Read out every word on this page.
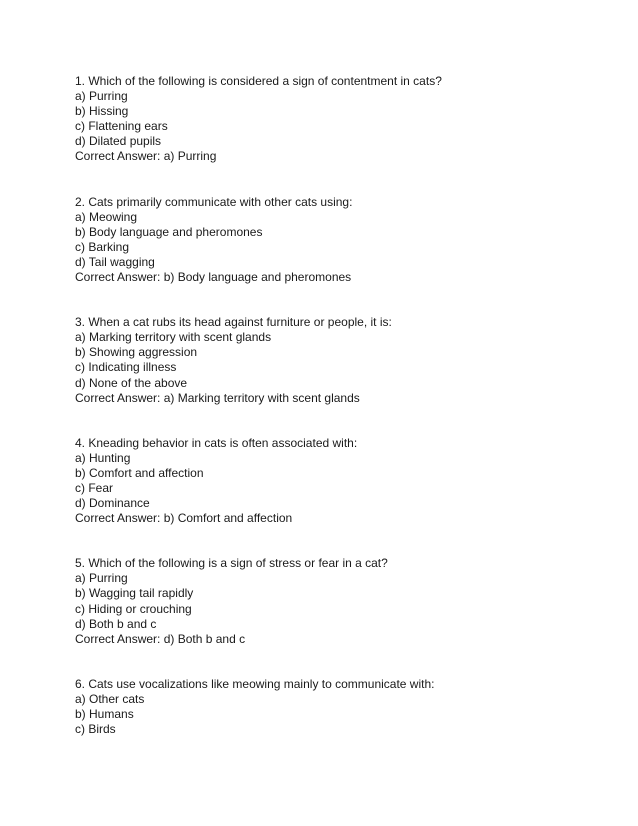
1. Which of the following is considered a sign of contentment in cats?

a) Purring

b) Hissing

c) Flattening ears

d) Dilated pupils

Correct Answer: a) Purring

2. Cats primarily communicate with other cats using:

a) Meowing

b) Body language and pheromones

c) Barking

d) Tail wagging

Correct Answer: b) Body language and pheromones

3. When a cat rubs its head against furniture or people, it is:

a) Marking territory with scent glands

b) Showing aggression

c) Indicating illness

d) None of the above

Correct Answer: a) Marking territory with scent glands

4. Kneading behavior in cats is often associated with:

a) Hunting

b) Comfort and affection

c) Fear

d) Dominance

Correct Answer: b) Comfort and affection

5. Which of the following is a sign of stress or fear in a cat?

a) Purring

b) Wagging tail rapidly

c) Hiding or crouching

d) Both b and c

Correct Answer: d) Both b and c

6. Cats use vocalizations like meowing mainly to communicate with:

a) Other cats

b) Humans

c) Birds
